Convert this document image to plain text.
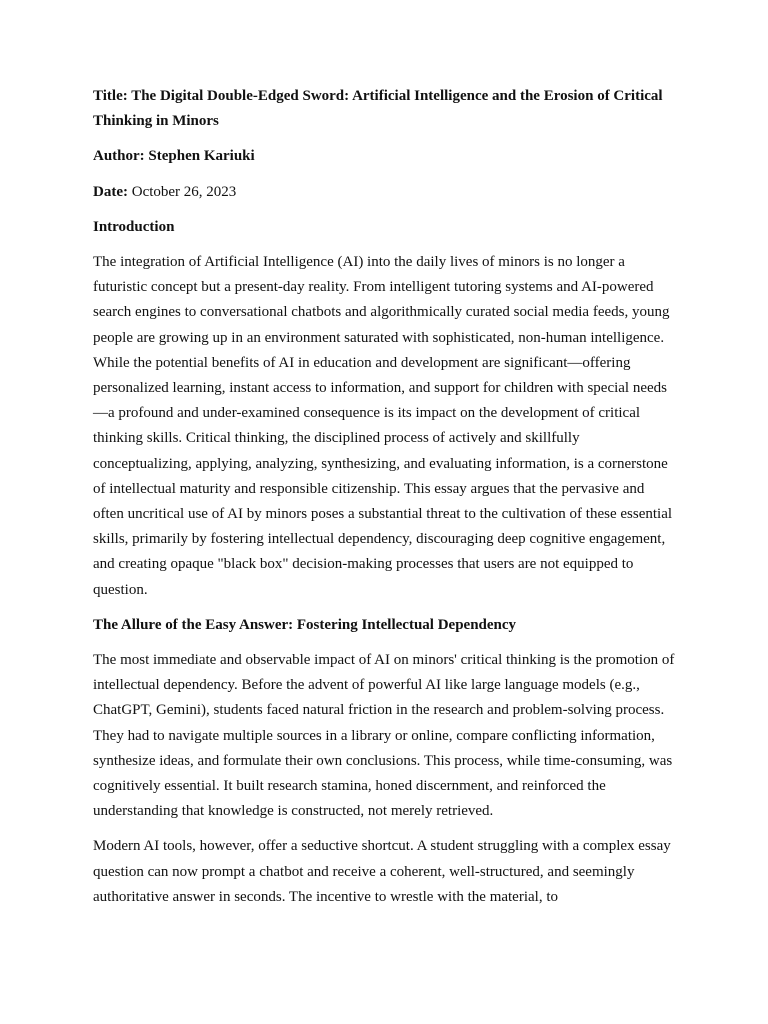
Title: The Digital Double-Edged Sword: Artificial Intelligence and the Erosion of Critical Thinking in Minors

Author: Stephen Kariuki

Date: October 26, 2023

Introduction

The integration of Artificial Intelligence (AI) into the daily lives of minors is no longer a futuristic concept but a present-day reality. From intelligent tutoring systems and AI-powered search engines to conversational chatbots and algorithmically curated social media feeds, young people are growing up in an environment saturated with sophisticated, non-human intelligence. While the potential benefits of AI in education and development are significant—offering personalized learning, instant access to information, and support for children with special needs—a profound and under-examined consequence is its impact on the development of critical thinking skills. Critical thinking, the disciplined process of actively and skillfully conceptualizing, applying, analyzing, synthesizing, and evaluating information, is a cornerstone of intellectual maturity and responsible citizenship. This essay argues that the pervasive and often uncritical use of AI by minors poses a substantial threat to the cultivation of these essential skills, primarily by fostering intellectual dependency, discouraging deep cognitive engagement, and creating opaque "black box" decision-making processes that users are not equipped to question.

The Allure of the Easy Answer: Fostering Intellectual Dependency

The most immediate and observable impact of AI on minors' critical thinking is the promotion of intellectual dependency. Before the advent of powerful AI like large language models (e.g., ChatGPT, Gemini), students faced natural friction in the research and problem-solving process. They had to navigate multiple sources in a library or online, compare conflicting information, synthesize ideas, and formulate their own conclusions. This process, while time-consuming, was cognitively essential. It built research stamina, honed discernment, and reinforced the understanding that knowledge is constructed, not merely retrieved.

Modern AI tools, however, offer a seductive shortcut. A student struggling with a complex essay question can now prompt a chatbot and receive a coherent, well-structured, and seemingly authoritative answer in seconds. The incentive to wrestle with the material, to
